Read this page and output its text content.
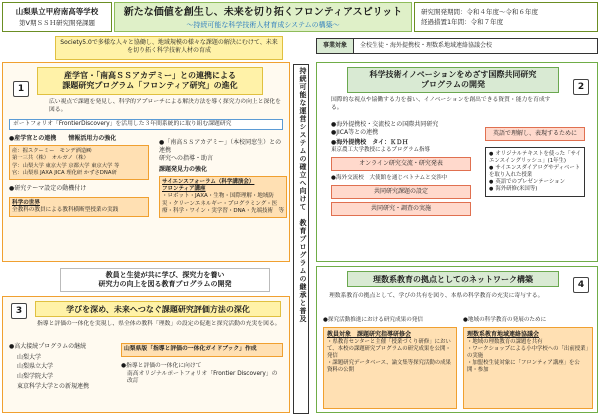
山梨県立甲府南高等学校
第Ⅴ期ＳＳＨ研究開発課題
新たな価値を創生し、未来を切り拓くフロンティアスピリット
～持続可能な科学技術人材育成システムの構築～
研究開発期間：令和４年度～令和６年度
経過措置1年間：令和７年度
持続可能な運営システムの確立へ向けて　教育プログラムの継承と普及
Society5.0で多様な人々と協働し、地域規模の様々な課題の解決にむけて、未来を切り拓く科学技術人材の育成
1
産学官・「南高ＳＳアカデミー」との連携による
課題研究プログラム「フロンティア研究」の進化
広い視点で課題を発見し、科学的アプローチによる解決方法を導く探究力の向上と深化を図る。
ポートフォリオ「FrontierDiscovery」を活用した３年間系統的に取り組む課題研究
●産学官との連携　　情報活用力の強化
産：握スクーミー　モンデ酒造㈱
第一三共（株）　オルガノ（株）
学：山梨大学 東京大学 京都大学 東京大学 等
官：山梨県 JAXA JICA 理化研 かずさDNA研
●研究テーマ設定の動機付け
科学の世界
全教科の教員による教科横断型授業の実践
●「南高ＳＳアカデミー」（本校同窓生）との連携
研究への指導・助言
課題発見力の強化
サイエンスフォーラム（科学講演会）
フロンティア講座
・ロボット・JAXA・生物・国際理解・地域防災・クリーンエネルギー・プログラミング・医療・科学・ワイン・実学習・DNA・先端技術　等
事業対象	全校生徒・海外提携校・理数系地域連絡協議会校
2
科学技術イノベーションをめざす国際共同研究
プログラムの開発
国際的な視点や協働する力を養い、イノベーションを創出できる資質・能力を育成する。
●海外提携校・交流校との国際共同研究
●JICA等との連携
●海外提携校　タイ：ＫＤＨ
東京農工大学教授によるプログラム指導
オンライン研究交流・研究発表
●海外交流校　大使館を通じベトナムと交渉中
共同研究課題の設定
共同研究・調査の実施
英語で理解し、表現するために
● オリジナルテキストを使った「サイエンスイングリッシュ」(1年生)
● サイエンスダイアログやディベートを取り入れた授業
● 英語でのプレゼンテーション
● 海外研修(米国等)
教員と生徒が共に学び、探究力を養い
研究力の向上を図る教育プログラムの開発
3	学びを深め、未来へつなぐ課題研究評価方法の深化
指導と評価の一体化を実現し、県全体の教科「理数」の設定の促進と探究活動の充実を図る。
●高大接続プログラムの継続
山梨大学
山梨県立大学
山梨学院大学
東京科学大学との新規連携
山梨県版「指導と評価の一体化ガイドブック」作成
●指導と評価の一体化に向けて
南高オリジナルポートフォリオ「Frontier Discovery」の改訂
4
理数系教育の拠点としてのネットワーク構築
理数系教育の拠点として、学びの共有を図り、本県の科学教育の充実に寄与する。
●探究活動推進における研究成果の発信	●地域の科学教育の発展のために
教員対象　課題研究指導研修会
・県教育センターと主催「授業づくり研修」において、本校の課題研究プログラムの研究成果を公開・発信
・課題研究データベース、論文集等探究活動の成果資料の公開
理数系教育地域連絡協議会
・地域の理数教育の課題を共有
・ワークショップによる小中学校への「出前授業」の実施
・加盟校生徒対象に「フロンティア講座」を公開・参加
